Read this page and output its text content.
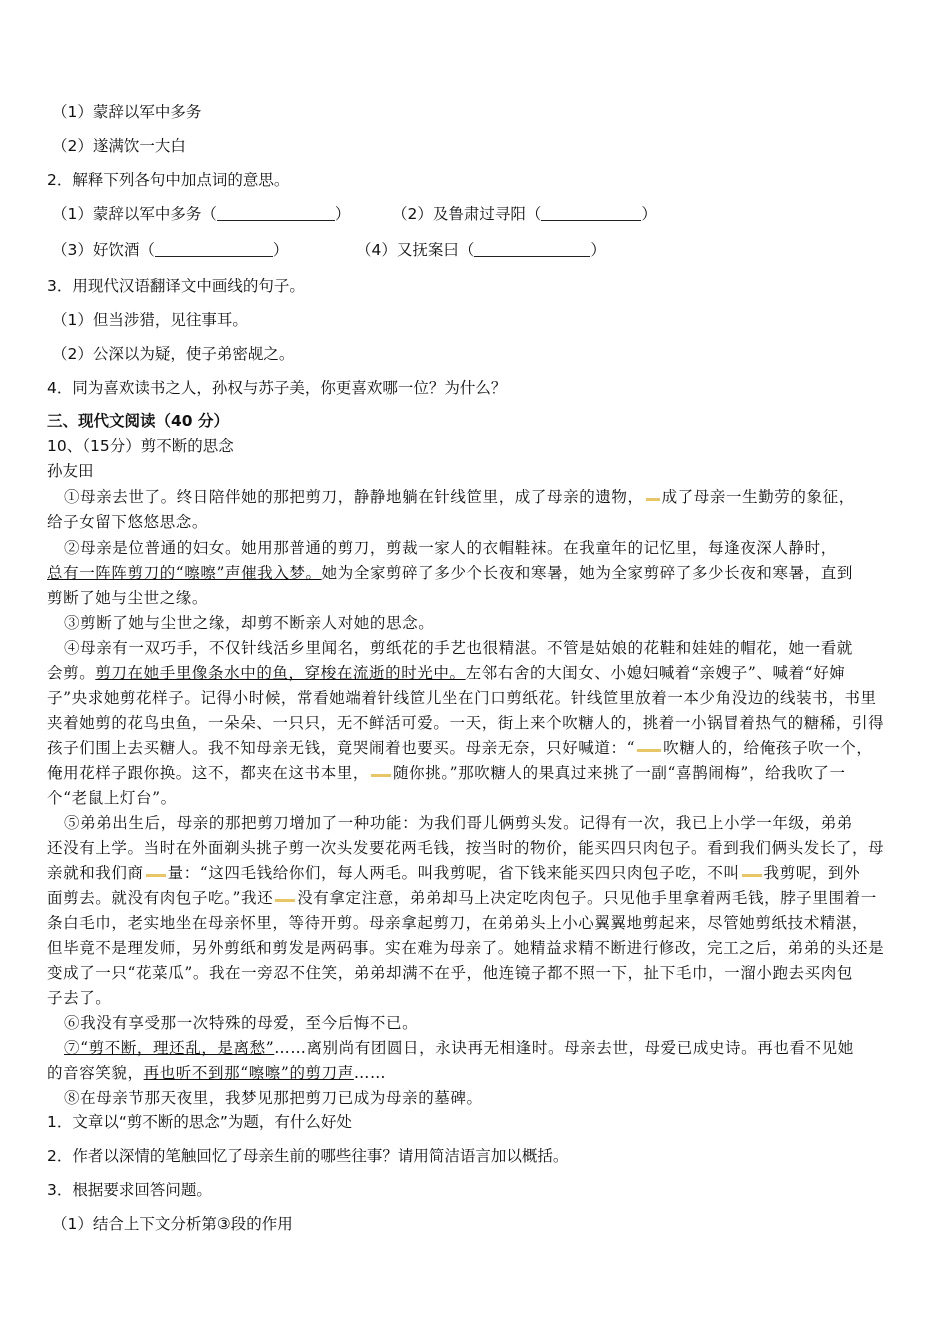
（1）蒙辞以军中多务
（2）遂满饮一大白
2．解释下列各句中加点词的意思。
（1）蒙辞以军中多务（	）	（2）及鲁肃过寻阳（	）
（3）好饮酒（	）	（4）又抚案曰（	）
3．用现代汉语翻译文中画线的句子。
（1）但当涉猎，见往事耳。
（2）公深以为疑，使子弟密觇之。
4．同为喜欢读书之人，孙权与苏子美，你更喜欢哪一位？为什么？
三、现代文阅读（40 分）
10、（15分）剪不断的思念
孙友田
①母亲去世了。终日陪伴她的那把剪刀，静静地躺在针线笸里，成了母亲的遗物， 成了母亲一生勤劳的象征，
给子女留下悠悠思念。
②母亲是位普通的妇女。她用那普通的剪刀，剪裁一家人的衣帽鞋袜。在我童年的记忆里，每逢夜深人静时，
总有一阵阵剪刀的“嚓嚓”声催我入梦。她为全家剪碎了多少个长夜和寒暑，她为全家剪碎了多少长夜和寒暑，直到
剪断了她与尘世之缘。
③剪断了她与尘世之缘，却剪不断亲人对她的思念。
④母亲有一双巧手，不仅针线活乡里闻名，剪纸花的手艺也很精湛。不管是姑娘的花鞋和娃娃的帽花，她一看就
会剪。剪刀在她手里像条水中的鱼，穿梭在流逝的时光中。左邻右舍的大闺女、小媳妇喊着“亲嫂子”、喊着“好婶
子”央求她剪花样子。记得小时候，常看她端着针线笸儿坐在门口剪纸花。针线笸里放着一本少角没边的线装书，书里
夹着她剪的花鸟虫鱼，一朵朵、一只只，无不鲜活可爱。一天，街上来个吹糖人的，挑着一小锅冒着热气的糖稀，引得
孩子们围上去买糖人。我不知母亲无钱，竟哭闹着也要买。母亲无奈，只好喊道：“ 吹糖人的，给俺孩子吹一个，
俺用花样子跟你换。这不，都夹在这书本里， 随你挑。”那吹糖人的果真过来挑了一副“喜鹊闹梅”，给我吹了一
个“老鼠上灯台”。
⑤弟弟出生后，母亲的那把剪刀增加了一种功能：为我们哥儿俩剪头发。记得有一次，我已上小学一年级，弟弟
还没有上学。当时在外面剃头挑子剪一次头发要花两毛钱，按当时的物价，能买四只肉包子。看到我们俩头发长了，母
亲就和我们商 量：“这四毛钱给你们，每人两毛。叫我剪呢，省下钱来能买四只肉包子吃，不叫 我剪呢，到外
面剪去。就没有肉包子吃。”我还 没有拿定注意，弟弟却马上决定吃肉包子。只见他手里拿着两毛钱，脖子里围着一
条白毛巾，老实地坐在母亲怀里，等待开剪。母亲拿起剪刀，在弟弟头上小心翼翼地剪起来，尽管她剪纸技术精湛，
但毕竟不是理发师，另外剪纸和剪发是两码事。实在难为母亲了。她精益求精不断进行修改，完工之后，弟弟的头还是
变成了一只“花菜瓜”。我在一旁忍不住笑，弟弟却满不在乎，他连镜子都不照一下，扯下毛巾，一溜小跑去买肉包
子去了。
⑥我没有享受那一次特殊的母爱，至今后悔不已。
⑦“剪不断，理还乱，是离愁”……离别尚有团圆日，永诀再无相逢时。母亲去世，母爱已成史诗。再也看不见她
的音容笑貌，再也听不到那“嚓嚓”的剪刀声……
⑧在母亲节那天夜里，我梦见那把剪刀已成为母亲的墓碑。
1．文章以“剪不断的思念”为题，有什么好处
2．作者以深情的笔触回忆了母亲生前的哪些往事？请用简洁语言加以概括。
3．根据要求回答问题。
（1）结合上下文分析第③段的作用
